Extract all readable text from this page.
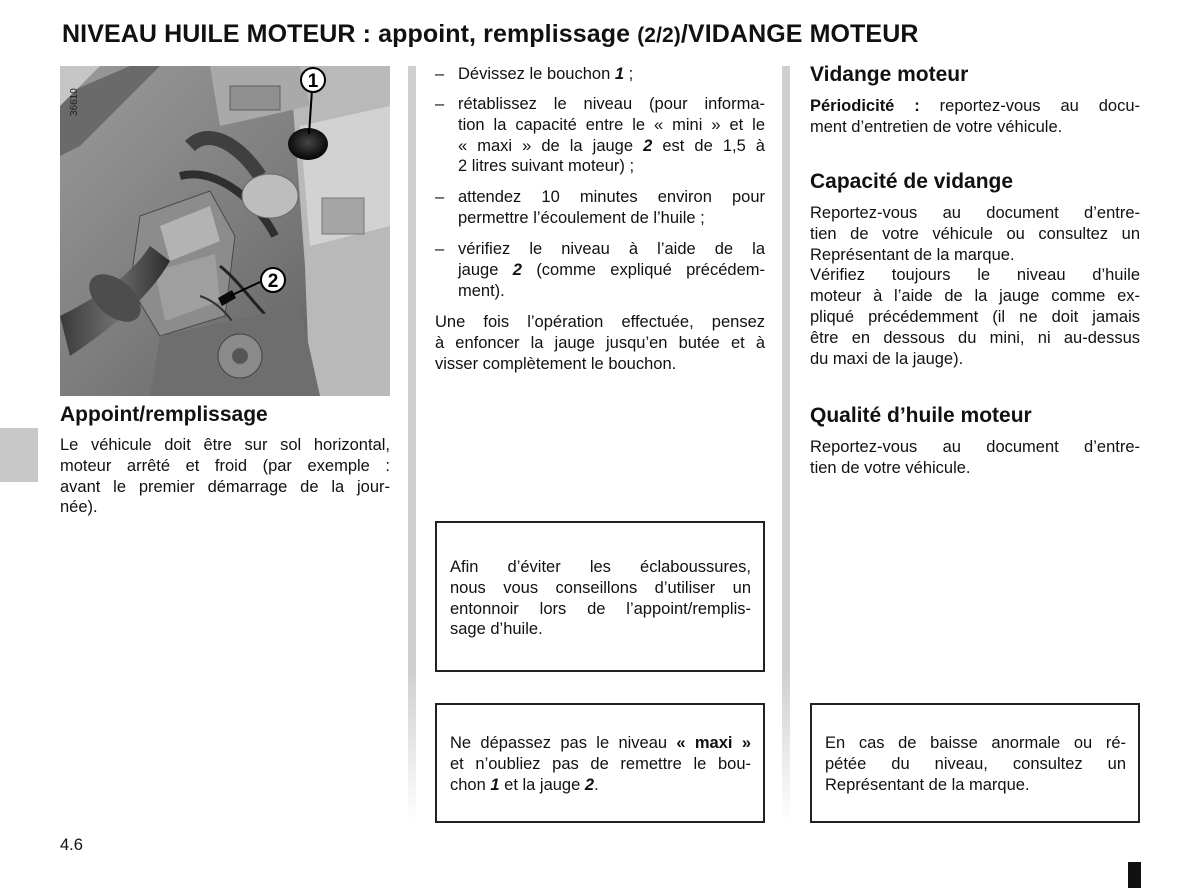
NIVEAU HUILE MOTEUR : appoint, remplissage (2/2)/VIDANGE MOTEUR
1
2
36610
Appoint/remplissage
Le véhicule doit être sur sol horizontal,
moteur arrêté et froid (par exemple :
avant le premier démarrage de la jour-
née).
– Dévissez le bouchon 1 ;
– rétablissez le niveau (pour informa-
tion la capacité entre le « mini » et le
« maxi » de la jauge 2 est de 1,5 à
2 litres suivant moteur) ;
– attendez 10 minutes environ pour
permettre l’écoulement de l’huile ;
– vérifiez le niveau à l’aide de la
jauge 2 (comme expliqué précédem-
ment).
Une fois l’opération effectuée, pensez
à enfoncer la jauge jusqu’en butée et à
visser complètement le bouchon.
Afin d’éviter les éclaboussures,
nous vous conseillons d’utiliser un
entonnoir lors de l’appoint/remplis-
sage d’huile.
Ne dépassez pas le niveau « maxi »
et n’oubliez pas de remettre le bou-
chon 1 et la jauge 2.
Vidange moteur
Périodicité : reportez-vous au docu-
ment d’entretien de votre véhicule.
Capacité de vidange
Reportez-vous au document d’entre-
tien de votre véhicule ou consultez un
Représentant de la marque.
Vérifiez toujours le niveau d’huile
moteur à l’aide de la jauge comme ex-
pliqué précédemment (il ne doit jamais
être en dessous du mini, ni au-dessus
du maxi de la jauge).
Qualité d’huile moteur
Reportez-vous au document d’entre-
tien de votre véhicule.
En cas de baisse anormale ou ré-
pétée du niveau, consultez un
Représentant de la marque.
4.6
